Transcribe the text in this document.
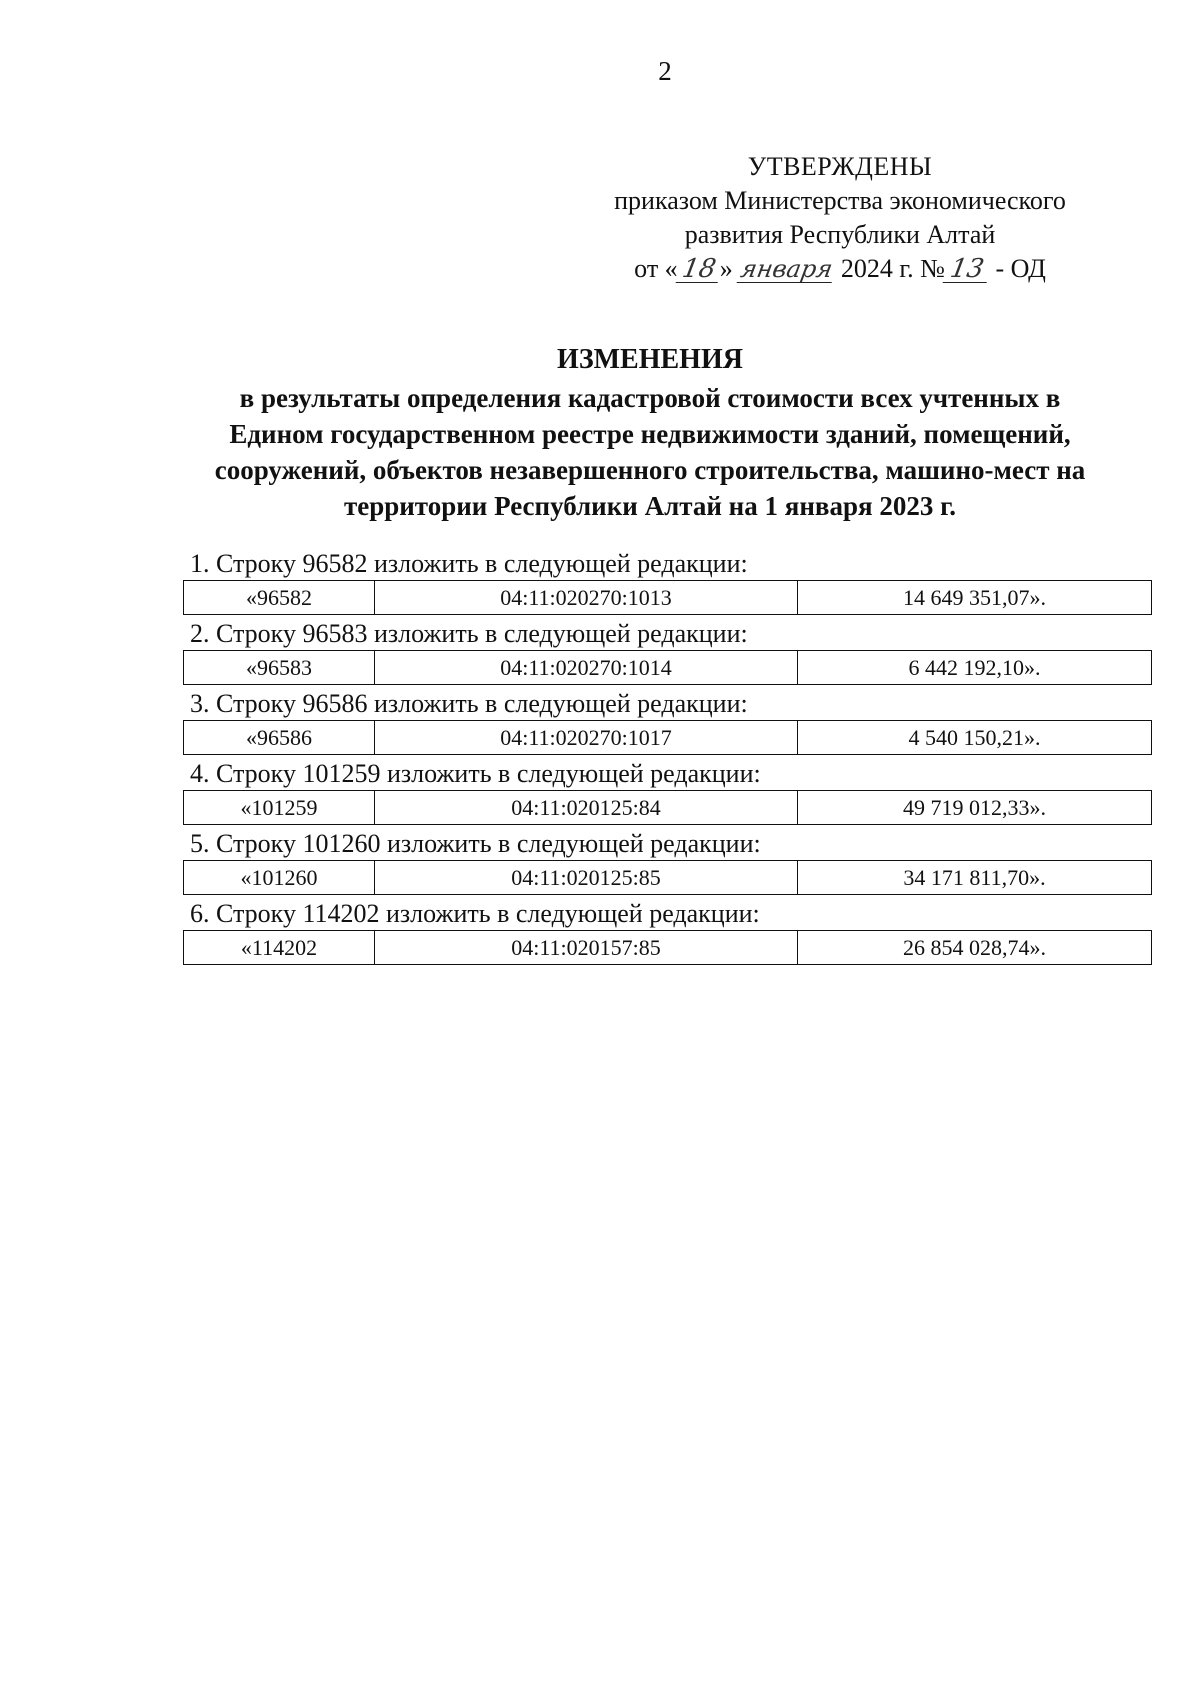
2
УТВЕРЖДЕНЫ
приказом Министерства экономического
развития Республики Алтай
от «18» января 2024 г. № 13 - ОД
ИЗМЕНЕНИЯ
в результаты определения кадастровой стоимости всех учтенных в
Едином государственном реестре недвижимости зданий, помещений,
сооружений, объектов незавершенного строительства, машино-мест на
территории Республики Алтай на 1 января 2023 г.
1. Строку 96582 изложить в следующей редакции:
«96582	04:11:020270:1013	14 649 351,07».
2. Строку 96583 изложить в следующей редакции:
«96583	04:11:020270:1014	6 442 192,10».
3. Строку 96586 изложить в следующей редакции:
«96586	04:11:020270:1017	4 540 150,21».
4. Строку 101259 изложить в следующей редакции:
«101259	04:11:020125:84	49 719 012,33».
5. Строку 101260 изложить в следующей редакции:
«101260	04:11:020125:85	34 171 811,70».
6. Строку 114202 изложить в следующей редакции:
«114202	04:11:020157:85	26 854 028,74».
